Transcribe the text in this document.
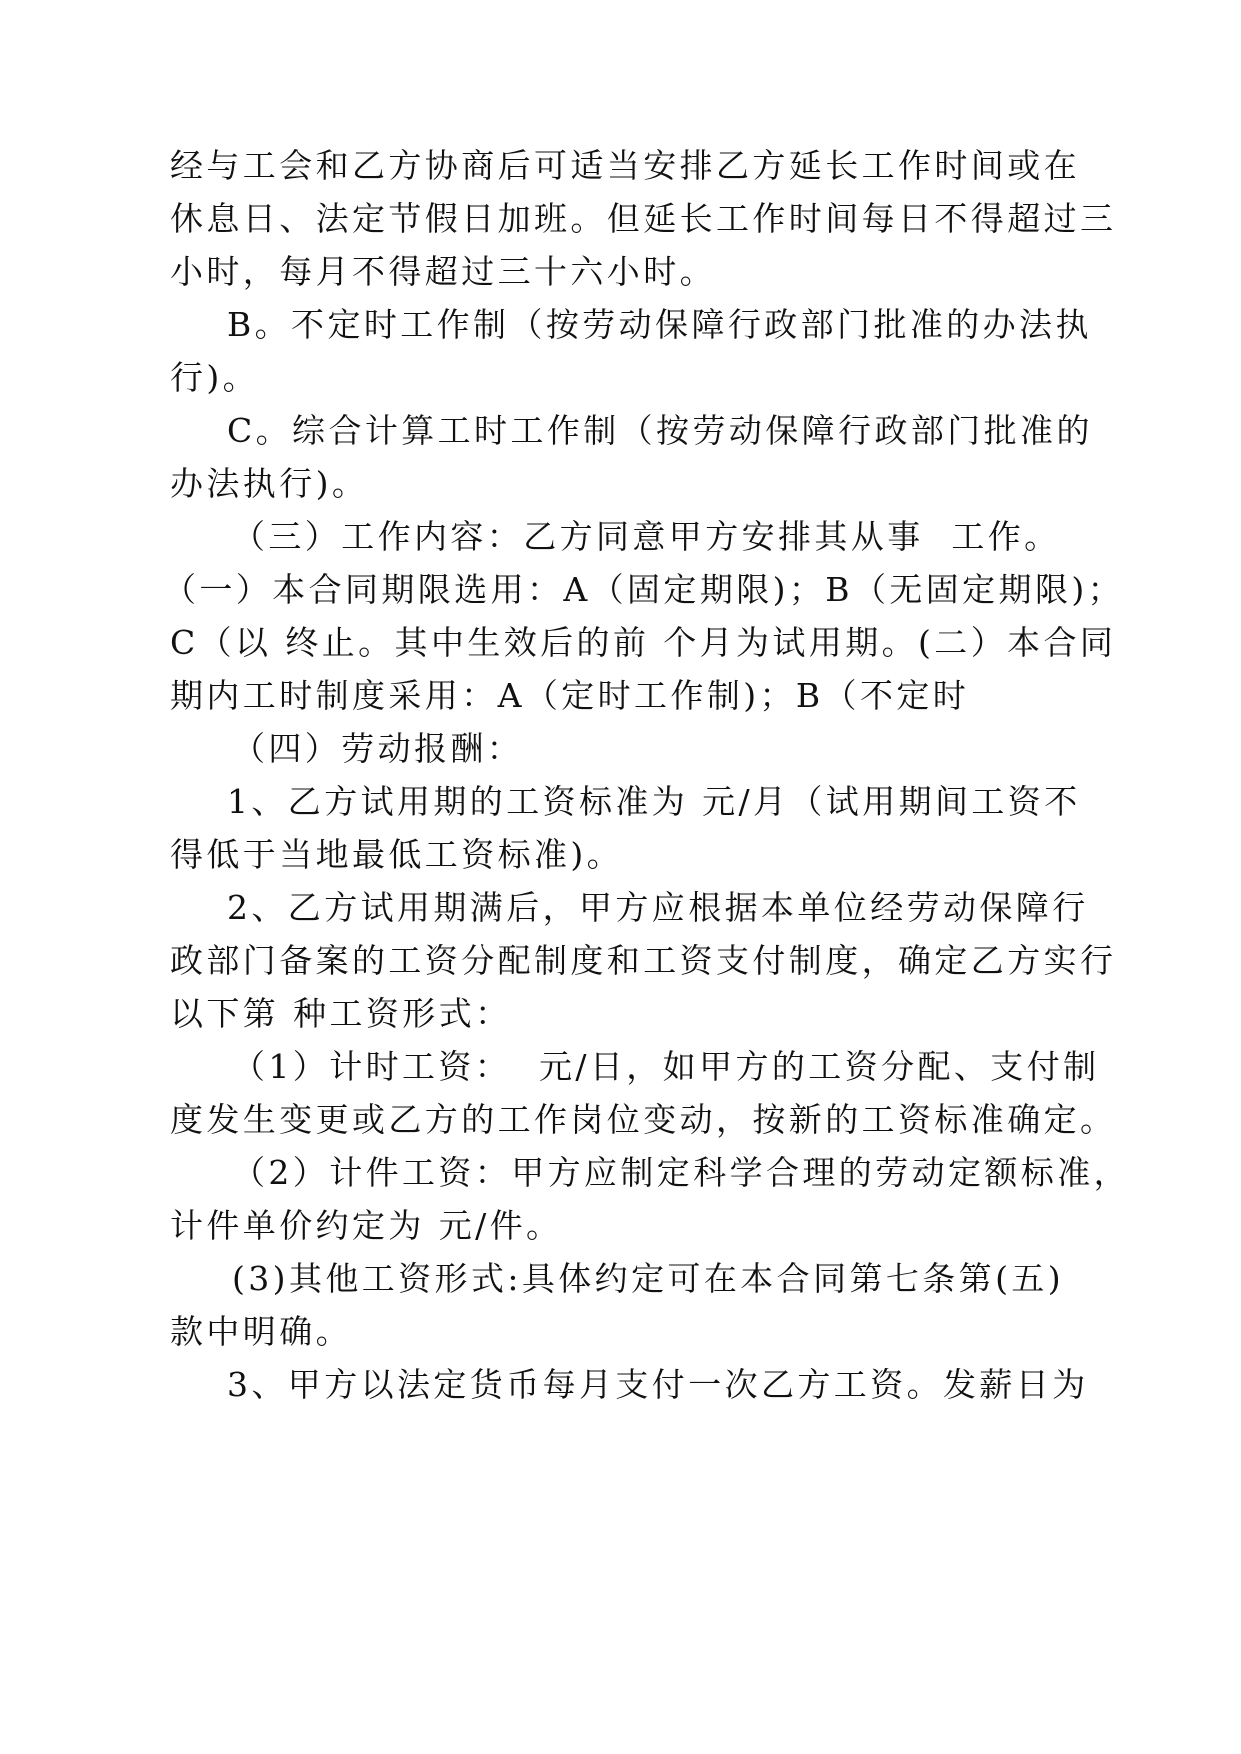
经与工会和乙方协商后可适当安排乙方延长工作时间或在

休息日、法定节假日加班。但延长工作时间每日不得超过三

小时，每月不得超过三十六小时。

B。不定时工作制（按劳动保障行政部门批准的办法执

行)。

C。综合计算工时工作制（按劳动保障行政部门批准的

办法执行)。

（三）工作内容：乙方同意甲方安排其从事  工作。

（一）本合同期限选用：A（固定期限)；B（无固定期限)；

C（以 终止。其中生效后的前 个月为试用期。(二）本合同

期内工时制度采用：A（定时工作制)；B（不定时

（四）劳动报酬：

1、乙方试用期的工资标准为 元/月（试用期间工资不

得低于当地最低工资标准)。

2、乙方试用期满后，甲方应根据本单位经劳动保障行

政部门备案的工资分配制度和工资支付制度，确定乙方实行

以下第 种工资形式：

（1）计时工资：  元/日，如甲方的工资分配、支付制

度发生变更或乙方的工作岗位变动，按新的工资标准确定。

（2）计件工资：甲方应制定科学合理的劳动定额标准，

计件单价约定为 元/件。

(3)其他工资形式:具体约定可在本合同第七条第(五)

款中明确。

3、甲方以法定货币每月支付一次乙方工资。发薪日为
